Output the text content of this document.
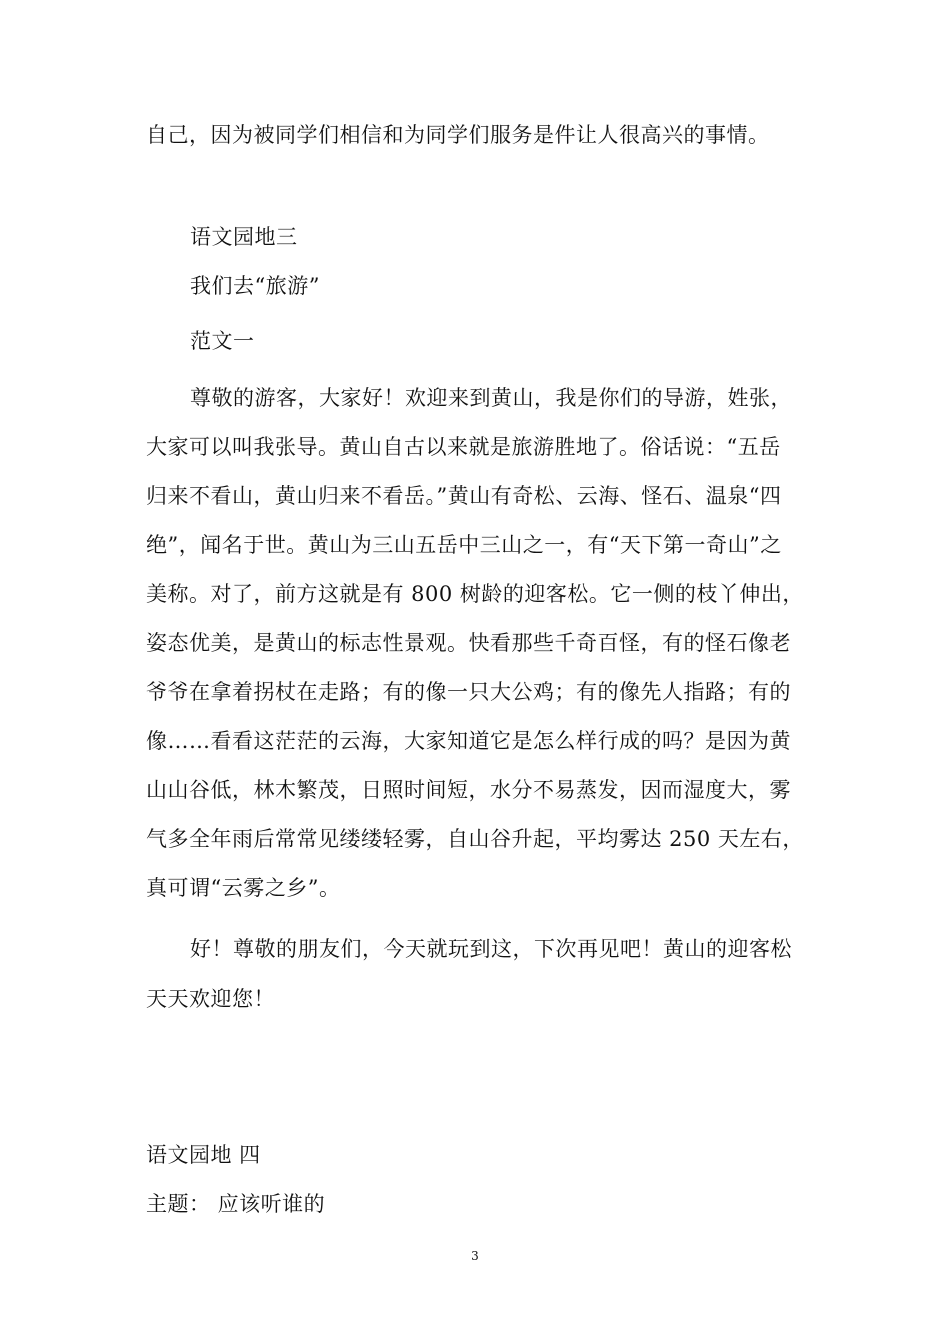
自己，因为被同学们相信和为同学们服务是件让人很高兴的事情。
语文园地三
我们去“旅游”
范文一
尊敬的游客，大家好！欢迎来到黄山，我是你们的导游，姓张，
大家可以叫我张导。黄山自古以来就是旅游胜地了。俗话说：“五岳
归来不看山，黄山归来不看岳。”黄山有奇松、云海、怪石、温泉“四
绝”，闻名于世。黄山为三山五岳中三山之一，有“天下第一奇山”之
美称。对了，前方这就是有 800 树龄的迎客松。它一侧的枝丫伸出，
姿态优美，是黄山的标志性景观。快看那些千奇百怪，有的怪石像老
爷爷在拿着拐杖在走路；有的像一只大公鸡；有的像先人指路；有的
像……看看这茫茫的云海，大家知道它是怎么样行成的吗？是因为黄
山山谷低，林木繁茂，日照时间短，水分不易蒸发，因而湿度大，雾
气多全年雨后常常见缕缕轻雾，自山谷升起，平均雾达 250 天左右，
真可谓“云雾之乡”。
好！尊敬的朋友们，今天就玩到这，下次再见吧！黄山的迎客松
天天欢迎您！
语文园地 四
主题： 应该听谁的
3
